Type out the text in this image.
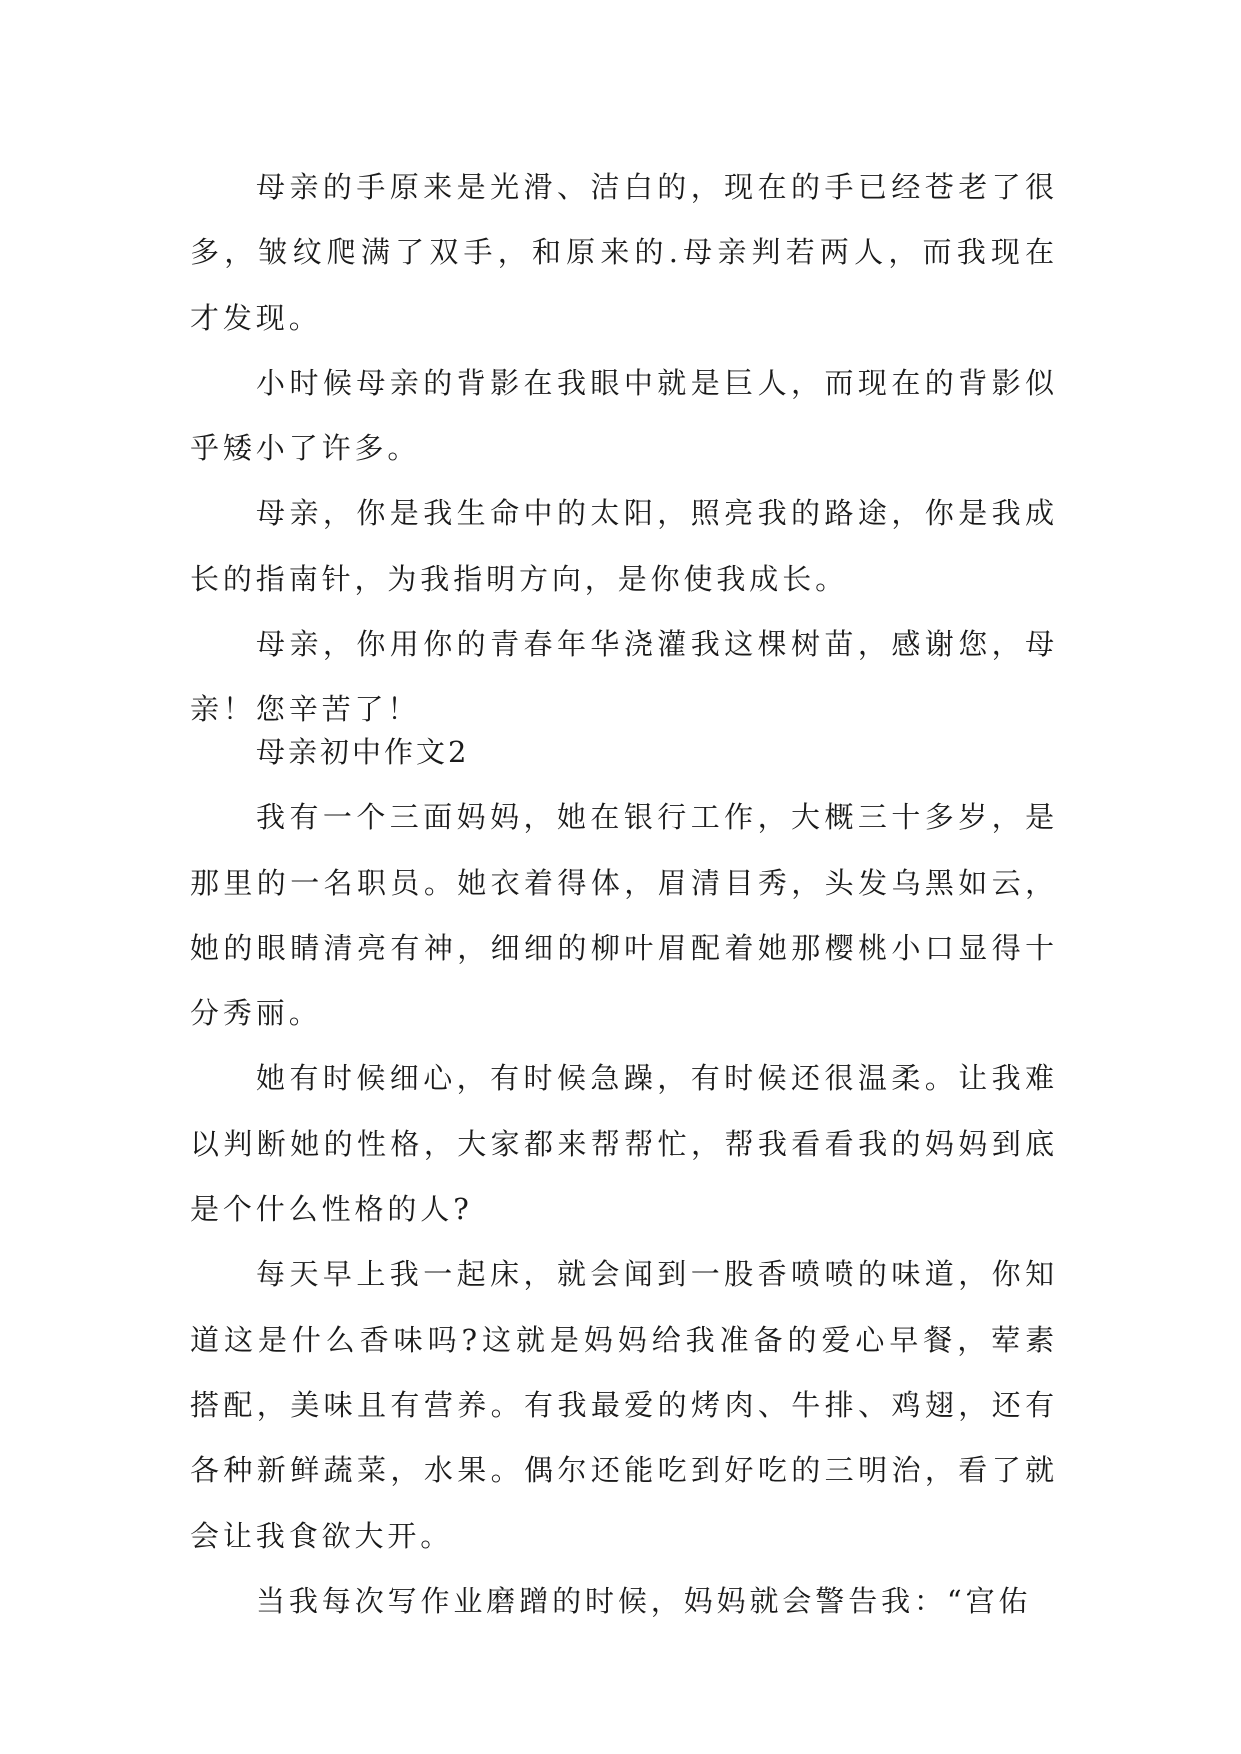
母亲的手原来是光滑、洁白的，现在的手已经苍老了很多，皱纹爬满了双手，和原来的.母亲判若两人，而我现在才发现。

小时候母亲的背影在我眼中就是巨人，而现在的背影似乎矮小了许多。

母亲，你是我生命中的太阳，照亮我的路途，你是我成长的指南针，为我指明方向，是你使我成长。

母亲，你用你的青春年华浇灌我这棵树苗，感谢您，母亲！您辛苦了！

母亲初中作文2

我有一个三面妈妈，她在银行工作，大概三十多岁，是那里的一名职员。她衣着得体，眉清目秀，头发乌黑如云，她的眼睛清亮有神，细细的柳叶眉配着她那樱桃小口显得十分秀丽。

她有时候细心，有时候急躁，有时候还很温柔。让我难以判断她的性格，大家都来帮帮忙，帮我看看我的妈妈到底是个什么性格的人?

每天早上我一起床，就会闻到一股香喷喷的味道，你知道这是什么香味吗?这就是妈妈给我准备的爱心早餐，荤素搭配，美味且有营养。有我最爱的烤肉、牛排、鸡翅，还有各种新鲜蔬菜，水果。偶尔还能吃到好吃的三明治，看了就会让我食欲大开。

当我每次写作业磨蹭的时候，妈妈就会警告我：“宫佑
